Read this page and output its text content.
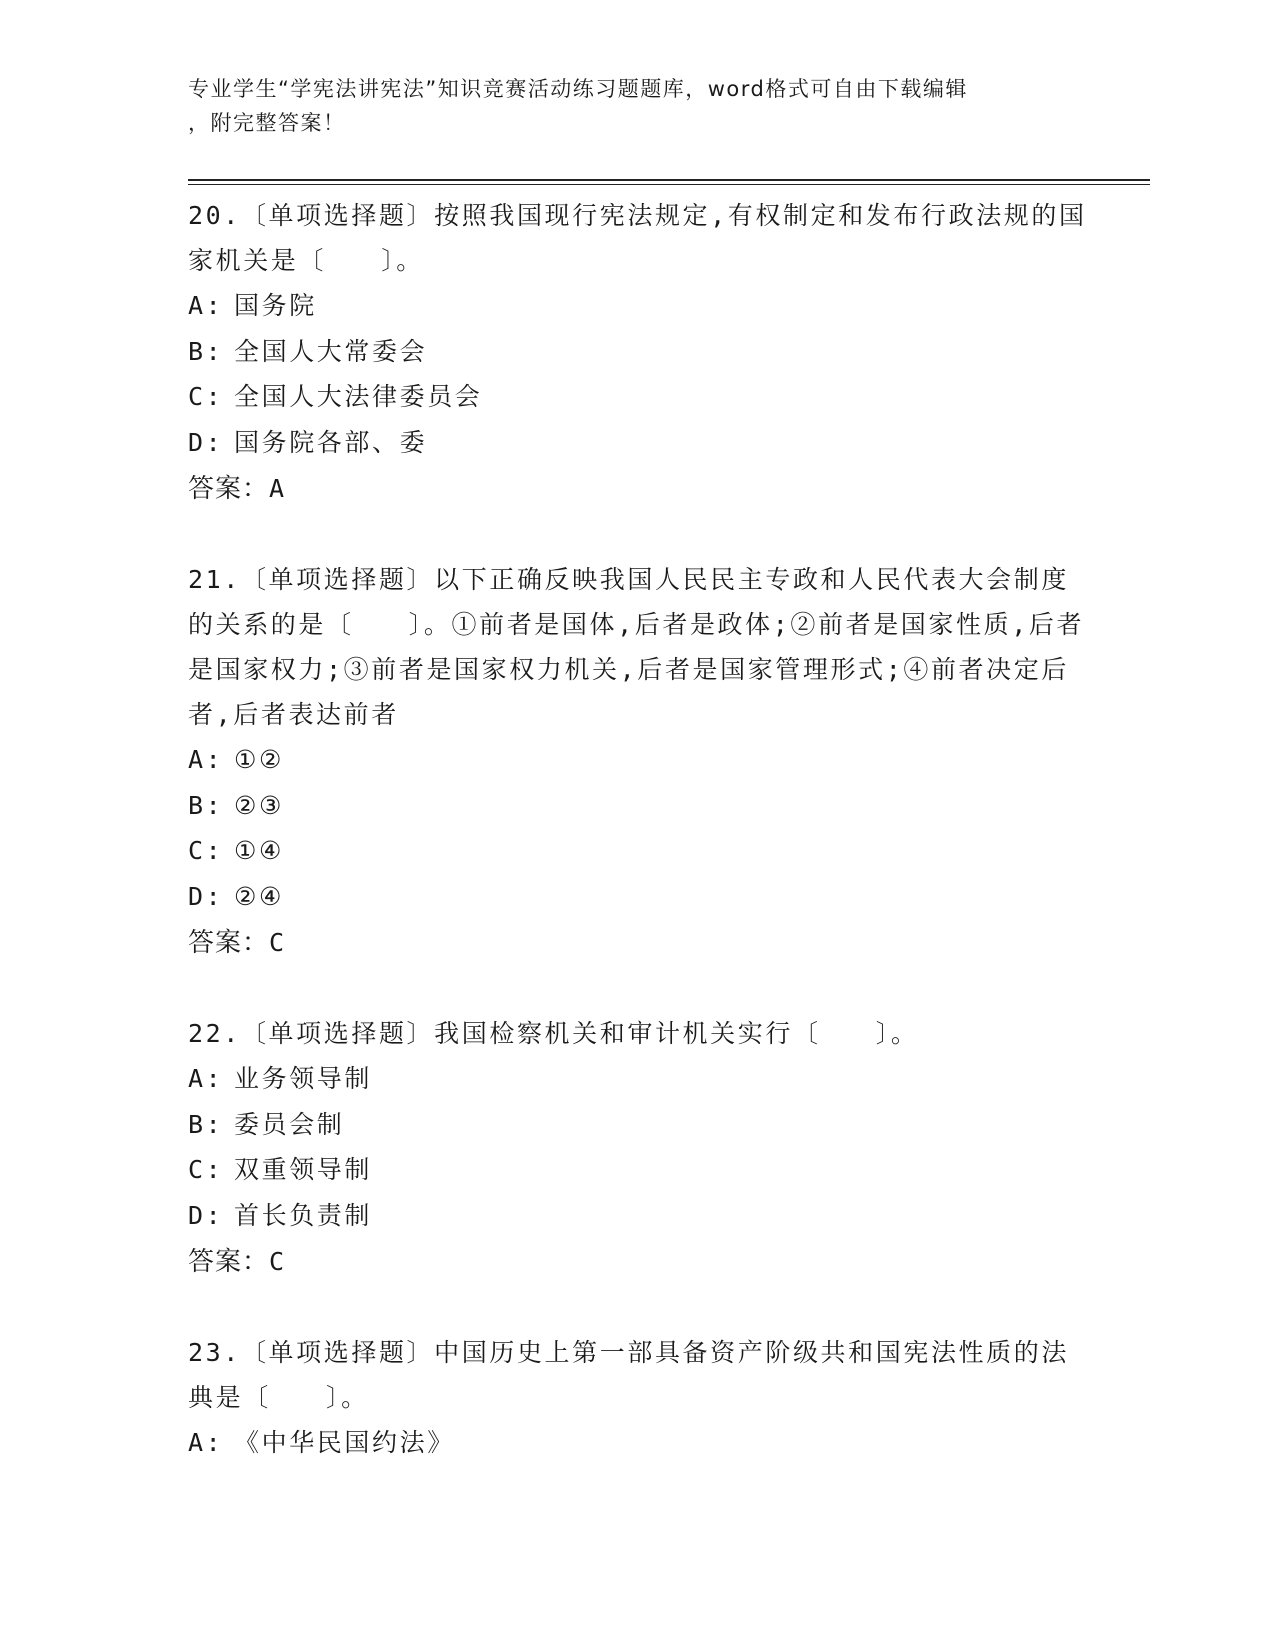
专业学生“学宪法讲宪法”知识竞赛活动练习题题库，word格式可自由下载编辑

，附完整答案！

20.〔单项选择题〕按照我国现行宪法规定,有权制定和发布行政法规的国家机关是〔　　〕。

A: 国务院
B: 全国人大常委会
C: 全国人大法律委员会
D: 国务院各部、委
答案：A

21.〔单项选择题〕以下正确反映我国人民民主专政和人民代表大会制度的关系的是〔　　〕。①前者是国体,后者是政体;②前者是国家性质,后者是国家权力;③前者是国家权力机关,后者是国家管理形式;④前者决定后者,后者表达前者

A: ①②
B: ②③
C: ①④
D: ②④
答案：C

22.〔单项选择题〕我国检察机关和审计机关实行〔　　〕。

A: 业务领导制
B: 委员会制
C: 双重领导制
D: 首长负责制
答案：C

23.〔单项选择题〕中国历史上第一部具备资产阶级共和国宪法性质的法典是〔　　〕。

A: 《中华民国约法》
